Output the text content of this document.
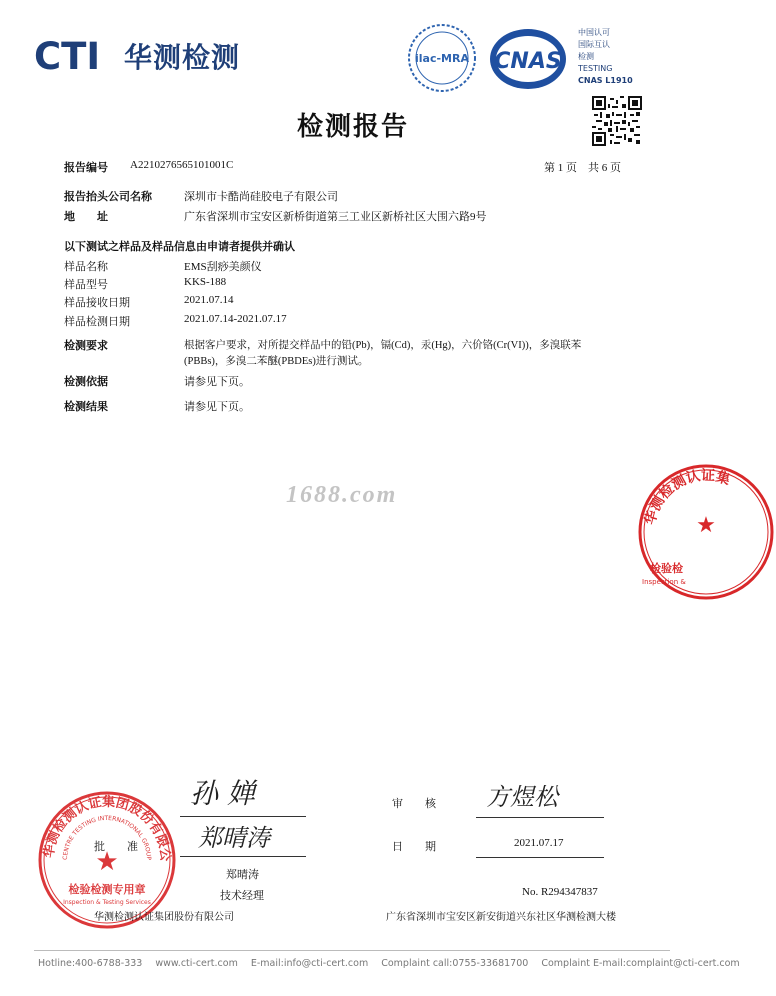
CTI 华测检测	ilac-MRA CNAS
中国认可
国际互认
检测
TESTING
CNAS L1910
检测报告
报告编号 A2210276565101001C	第 1 页　共 6 页
报告抬头公司名称	深圳市卡酷尚硅胶电子有限公司
地　　址	广东省深圳市宝安区新桥街道第三工业区新桥社区大围六路9号
以下测试之样品及样品信息由申请者提供并确认
样品名称	EMS刮痧美颜仪
样品型号	KKS-188
样品接收日期	2021.07.14
样品检测日期	2021.07.14-2021.07.17
检测要求	根据客户要求，对所提交样品中的铅(Pb)，镉(Cd)，汞(Hg)，六价铬(Cr(VI))，多溴联苯
(PBBs)，多溴二苯醚(PBDEs)进行测试。
检测依据	请参见下页。
检测结果	请参见下页。
1688.com
华测检测认证集
★
检验检
Inspection &
孙 婵
郑晴涛
批　　准
郑晴涛
技术经理
审　　核 方煜松
日　　期	2021.07.17
No. R294347837
华测检测认证集团股份有限公
CENTRE TESTING INTERNATIONAL GROUP
★
检验检测专用章
Inspection & Testing Services
华测检测认证集团股份有限公司	广东省深圳市宝安区新安街道兴东社区华测检测大楼
Hotline:400-6788-333 www.cti-cert.com E-mail:info@cti-cert.com Complaint call:0755-33681700 Complaint E-mail:complaint@cti-cert.com
